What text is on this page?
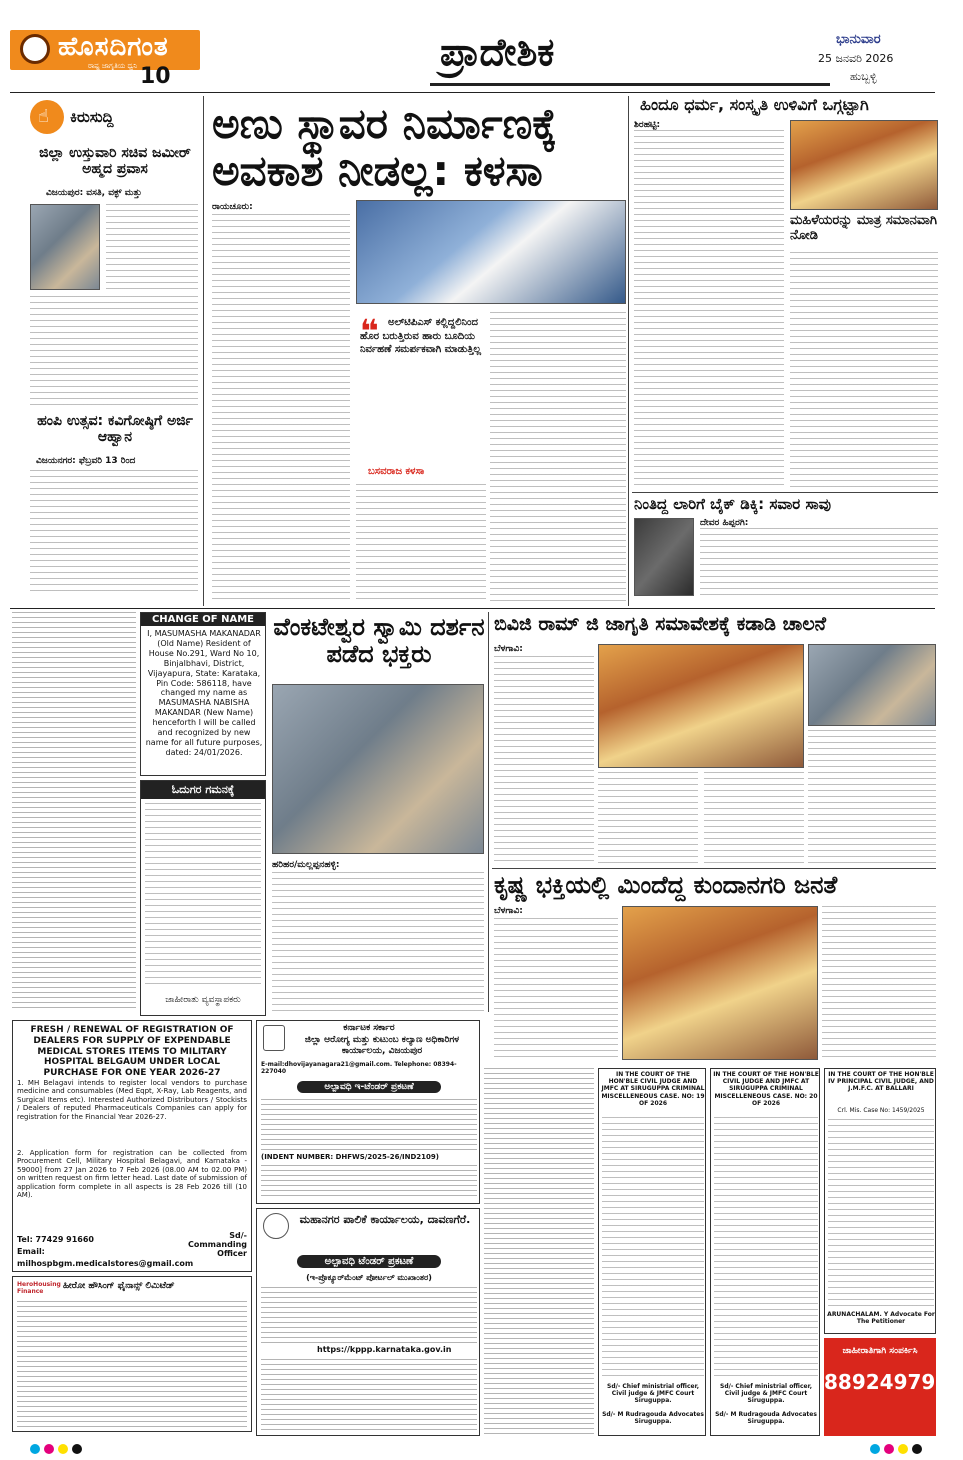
ಹೊಸದಿಗಂತ
ರಾಷ್ಟ್ರ ಜಾಗೃತಿಯ ಧ್ವನಿ 10
ಪ್ರಾದೇಶಿಕ	ಭಾನುವಾರ
25 ಜನವರಿ 2026
ಹುಬ್ಬಳ್ಳಿ
☝ ಕಿರುಸುದ್ದಿ
ಜಿಲ್ಲಾ ಉಸ್ತುವಾರಿ ಸಚಿವ ಜಮೀರ್ ಅಹ್ಮದ ಪ್ರವಾಸ
ವಿಜಯಪುರ: ವಸತಿ, ವಕ್ಫ್ ಮತ್ತು
ಹಂಪಿ ಉತ್ಸವ: ಕವಿಗೋಷ್ಠಿಗೆ ಅರ್ಜಿ ಆಹ್ವಾನ
ವಿಜಯನಗರ: ಫೆಬ್ರವರಿ 13 ರಿಂದ
ಅಣು ಸ್ಥಾವರ ನಿರ್ಮಾಣಕ್ಕೆ ಅವಕಾಶ ನೀಡಲ್ಲ: ಕಳಸಾ
ರಾಯಚೂರು:
❝ ಅಲ್‌ಟಿಪಿಎಸ್ ಕಲ್ಲಿದ್ದಲಿನಿಂದ ಹೊರ ಬರುತ್ತಿರುವ ಹಾರು ಬೂದಿಯ ನಿರ್ವಹಣೆ ಸಮರ್ಪಕವಾಗಿ ಮಾಡುತ್ತಿಲ್ಲ
ಬಸವರಾಜ ಕಳಸಾ
ಹಿಂದೂ ಧರ್ಮ, ಸಂಸ್ಕೃತಿ ಉಳಿವಿಗೆ ಒಗ್ಗಟ್ಟಾಗಿ
ಶಿರಹಟ್ಟಿ:
ಮಹಿಳೆಯರನ್ನು ಮಾತ್ರ ಸಮಾನವಾಗಿ ನೋಡಿ
ನಿಂತಿದ್ದ ಲಾರಿಗೆ ಬೈಕ್ ಡಿಕ್ಕಿ: ಸವಾರ ಸಾವು
ದೇವರ ಹಿಪ್ಪರಗಿ:
CHANGE OF NAME
I, MASUMASHA MAKANADAR (Old Name) Resident of House No.291, Ward No 10, Binjalbhavi, District, Vijayapura, State: Karataka, Pin Code: 586118, have changed my name as MASUMASHA NABISHA MAKANDAR (New Name) henceforth I will be called and recognized by new name for all future purposes, dated: 24/01/2026.
ಓದುಗರ ಗಮನಕ್ಕೆ
ಜಾಹೀರಾತು ವ್ಯವಸ್ಥಾಪಕರು
ವೆಂಕಟೇಶ್ವರ ಸ್ವಾಮಿ ದರ್ಶನ ಪಡೆದ ಭಕ್ತರು
ಹರಿಹರ/ಮಲ್ಲಪ್ಪನಹಳ್ಳಿ:
ಬಿವಿಜಿ ರಾಮ್ ಜಿ ಜಾಗೃತಿ ಸಮಾವೇಶಕ್ಕೆ ಕಡಾಡಿ ಚಾಲನೆ
ಬೆಳಗಾವಿ:
ಕೃಷ್ಣ ಭಕ್ತಿಯಲ್ಲಿ ಮಿಂದೆದ್ದ ಕುಂದಾನಗರಿ ಜನತೆ
ಬೆಳಗಾವಿ:
FRESH / RENEWAL OF REGISTRATION OF DEALERS FOR SUPPLY OF EXPENDABLE MEDICAL STORES ITEMS TO MILITARY HOSPITAL BELGAUM UNDER LOCAL PURCHASE FOR ONE YEAR 2026-27
1. MH Belagavi intends to register local vendors to purchase medicine and consumables (Med Eqpt, X-Ray, Lab Reagents, and Surgical Items etc). Interested Authorized Distributors / Stockists / Dealers of reputed Pharmaceuticals Companies can apply for registration for the Financial Year 2026-27.
2. Application form for registration can be collected from Procurement Cell, Military Hospital Belagavi, and Karnataka - 59000] from 27 Jan 2026 to 7 Feb 2026 (08.00 AM to 02.00 PM) on written request on firm letter head. Last date of submission of application form complete in all aspects is 28 Feb 2026 till (10 AM).
Tel: 77429 91660
Email:
milhospbgm.medicalstores@gmail.com
Sd/- Commanding Officer
HeroHousing Finance
ಹೀರೋ ಹೌಸಿಂಗ್ ಫೈನಾನ್ಸ್ ಲಿಮಿಟೆಡ್
ಕರ್ನಾಟಕ ಸರ್ಕಾರ
ಜಿಲ್ಲಾ ಆರೋಗ್ಯ ಮತ್ತು ಕುಟುಂಬ ಕಲ್ಯಾಣ ಅಧಿಕಾರಿಗಳ ಕಾರ್ಯಾಲಯ, ವಿಜಯಪುರ
E-mail:dhovijayanagara21@gmail.com. Telephone: 08394-227040
ಅಲ್ಪಾವಧಿ ಇ-ಟೆಂಡರ್ ಪ್ರಕಟಣೆ
(INDENT NUMBER: DHFWS/2025-26/IND2109)
ಮಹಾನಗರ ಪಾಲಿಕೆ ಕಾರ್ಯಾಲಯ, ದಾವಣಗೆರೆ.
ಅಲ್ಪಾವಧಿ ಟೆಂಡರ್ ಪ್ರಕಟಣೆ
(ಇ-ಪ್ರೊಕ್ಯೂರ್‌ಮೆಂಟ್ ಪೋರ್ಟಲ್ ಮುಖಾಂತರ)
https://kppp.karnataka.gov.in
IN THE COURT OF THE HON'BLE CIVIL JUDGE AND JMFC AT SIRUGUPPA CRIMINAL MISCELLENEOUS CASE. NO: 19 OF 2026
Sd/- Chief ministrial officer, Civil judge & JMFC Court Siruguppa.
Sd/- M Rudragouda Advocates Siruguppa.
IN THE COURT OF THE HON'BLE CIVIL JUDGE AND JMFC AT SIRUGUPPA CRIMINAL MISCELLENEOUS CASE. NO: 20 OF 2026
Sd/- Chief ministrial officer, Civil judge & JMFC Court Siruguppa.
Sd/- M Rudragouda Advocates Siruguppa.
IN THE COURT OF THE HON'BLE IV PRINCIPAL CIVIL JUDGE, AND J.M.F.C. AT BALLARI
Crl. Mis. Case No: 1459/2025
ARUNACHALAM. Y Advocate For The Petitioner
ಜಾಹೀರಾತಿಗಾಗಿ ಸಂಪರ್ಕಿಸಿ
8892497927
